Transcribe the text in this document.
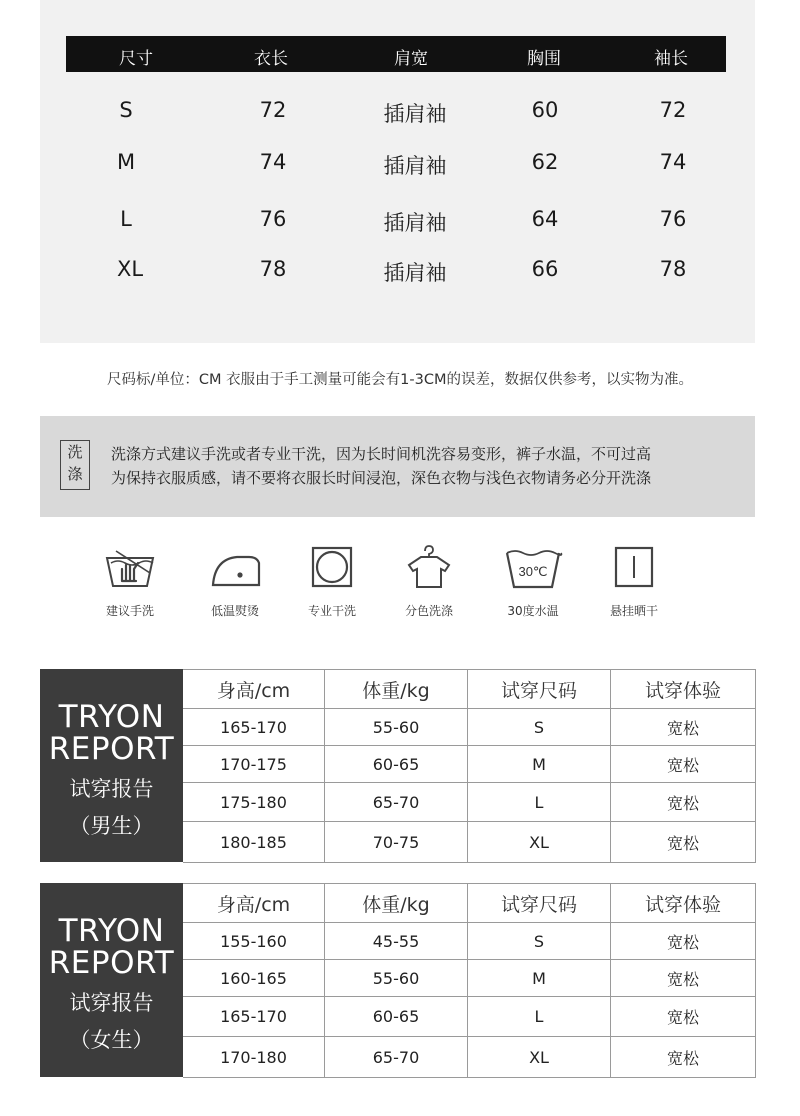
尺寸	衣长	肩宽	胸围	袖长
S	72	插肩袖	60	72
M	74	插肩袖	62	74
L	76	插肩袖	64	76
XL	78	插肩袖	66	78
尺码标/单位：CM 衣服由于手工测量可能会有1-3CM的误差，数据仅供参考，以实物为准。
洗
涤
洗涤方式建议手洗或者专业干洗，因为长时间机洗容易变形，裤子水温，不可过高
为保持衣服质感，请不要将衣服长时间浸泡，深色衣物与浅色衣物请务必分开洗涤
建议手洗	低温熨烫	专业干洗	分色洗涤
30℃
30度水温	悬挂晒干
TRYON
REPORT
试穿报告
（男生）
身高/cm	体重/kg	试穿尺码	试穿体验
165-170	55-60	S	宽松
170-175	60-65	M	宽松
175-180	65-70	L	宽松
180-185	70-75	XL	宽松
TRYON
REPORT
试穿报告
（女生）
身高/cm	体重/kg	试穿尺码	试穿体验
155-160	45-55	S	宽松
160-165	55-60	M	宽松
165-170	60-65	L	宽松
170-180	65-70	XL	宽松
